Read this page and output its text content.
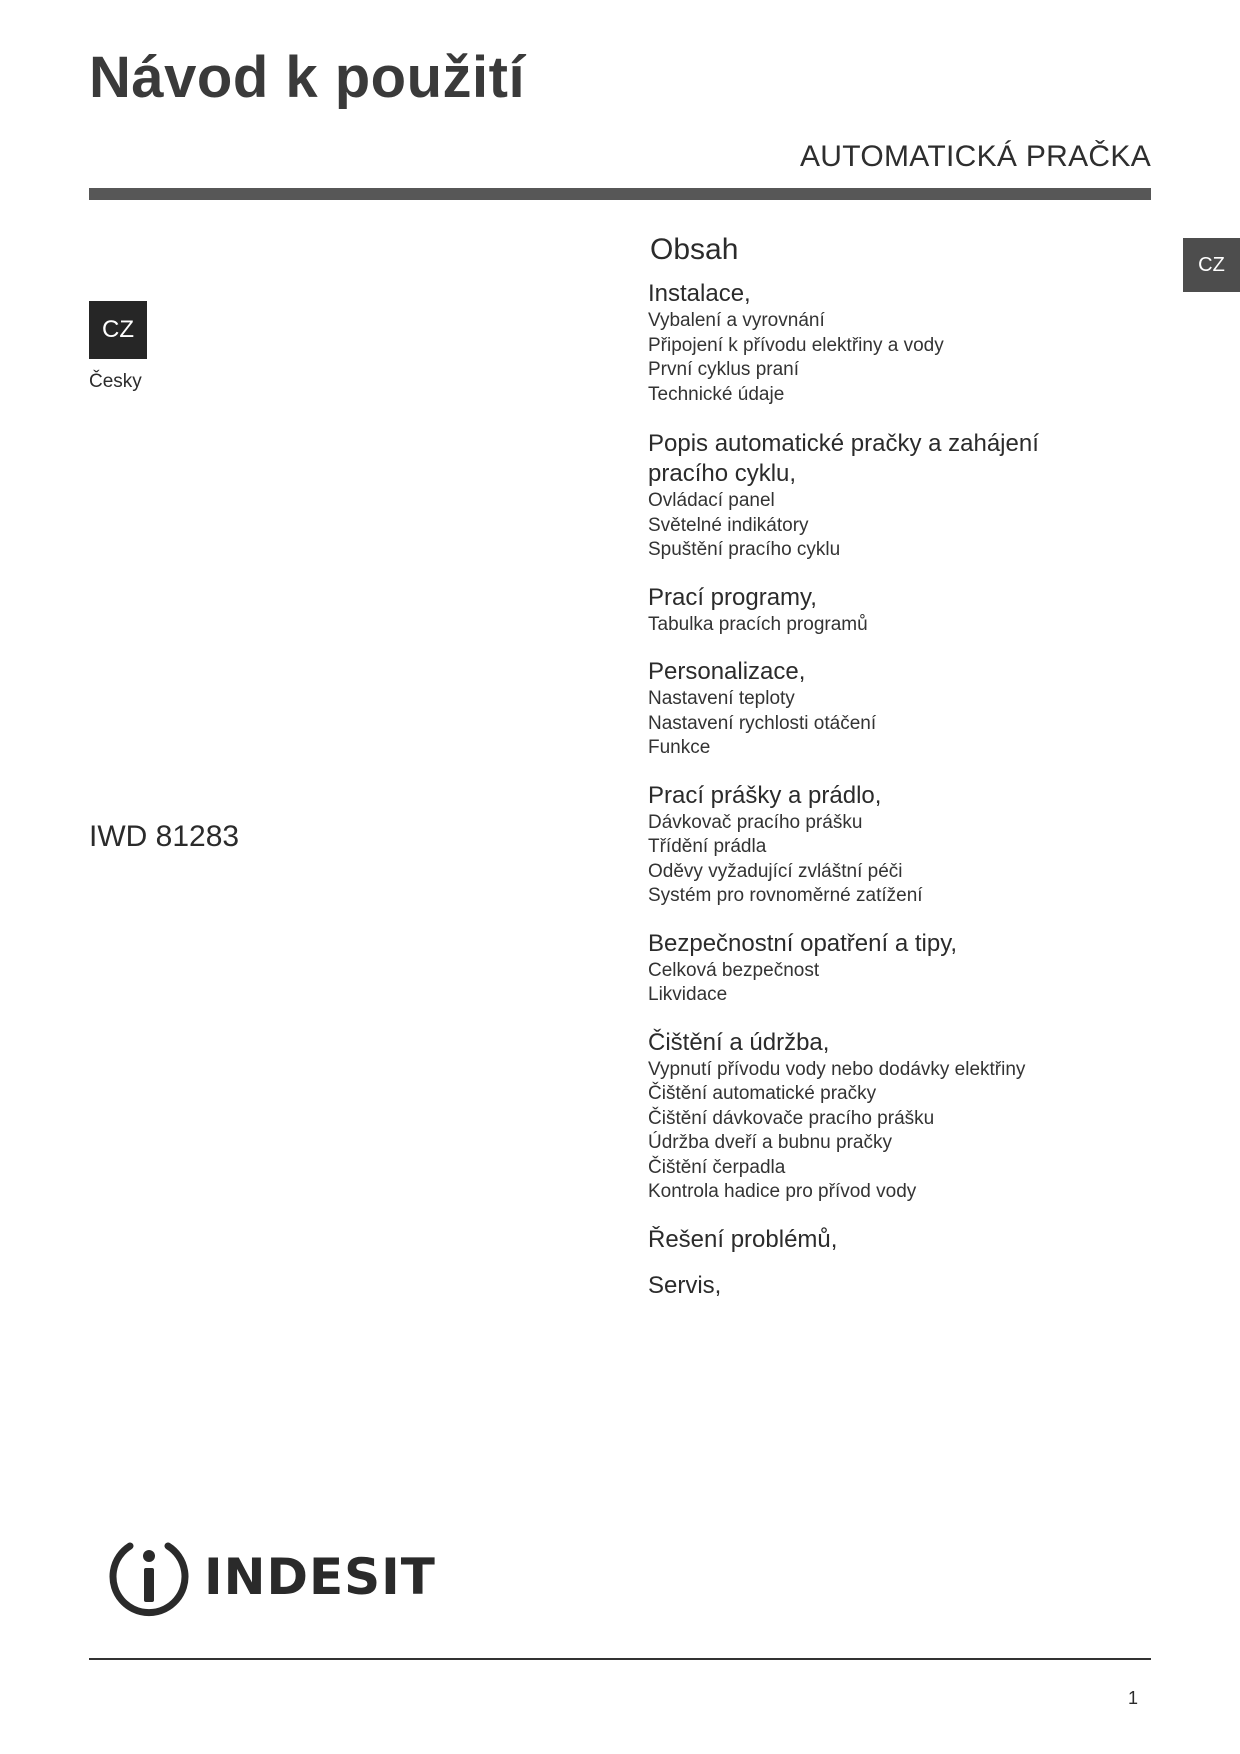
Návod k použití
AUTOMATICKÁ PRAČKA
CZ
CZ
Česky
IWD 81283
Obsah
Instalace,
Vybalení a vyrovnání
Připojení k přívodu elektřiny a vody
První cyklus praní
Technické údaje
Popis automatické pračky a zahájení pracího cyklu,
Ovládací panel
Světelné indikátory
Spuštění pracího cyklu
Prací programy,
Tabulka pracích programů
Personalizace,
Nastavení teploty
Nastavení rychlosti otáčení
Funkce
Prací prášky a prádlo,
Dávkovač pracího prášku
Třídění prádla
Oděvy vyžadující zvláštní péči
Systém pro rovnoměrné zatížení
Bezpečnostní opatření a tipy,
Celková bezpečnost
Likvidace
Čištění a údržba,
Vypnutí přívodu vody nebo dodávky elektřiny
Čištění automatické pračky
Čištění dávkovače pracího prášku
Údržba dveří a bubnu pračky
Čištění čerpadla
Kontrola hadice pro přívod vody
Řešení problémů,
Servis,
INDESIT
1
